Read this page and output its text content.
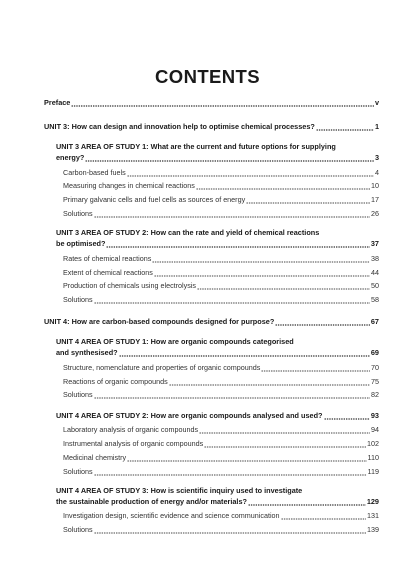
CONTENTS
Preface	v
UNIT 3: How can design and innovation help to optimise chemical processes?	1
UNIT 3 AREA OF STUDY 1: What are the current and future options for supplying
energy?	3
Carbon-based fuels	4
Measuring changes in chemical reactions	10
Primary galvanic cells and fuel cells as sources of energy	17
Solutions	26
UNIT 3 AREA OF STUDY 2: How can the rate and yield of chemical reactions
be optimised?	37
Rates of chemical reactions	38
Extent of chemical reactions	44
Production of chemicals using electrolysis	50
Solutions	58
UNIT 4: How are carbon-based compounds designed for purpose?	67
UNIT 4 AREA OF STUDY 1: How are organic compounds categorised
and synthesised?	69
Structure, nomenclature and properties of organic compounds	70
Reactions of organic compounds	75
Solutions	82
UNIT 4 AREA OF STUDY 2: How are organic compounds analysed and used?	93
Laboratory analysis of organic compounds	94
Instrumental analysis of organic compounds	102
Medicinal chemistry	110
Solutions	119
UNIT 4 AREA OF STUDY 3: How is scientific inquiry used to investigate
the sustainable production of energy and/or materials?	129
Investigation design, scientific evidence and science communication	131
Solutions	139
